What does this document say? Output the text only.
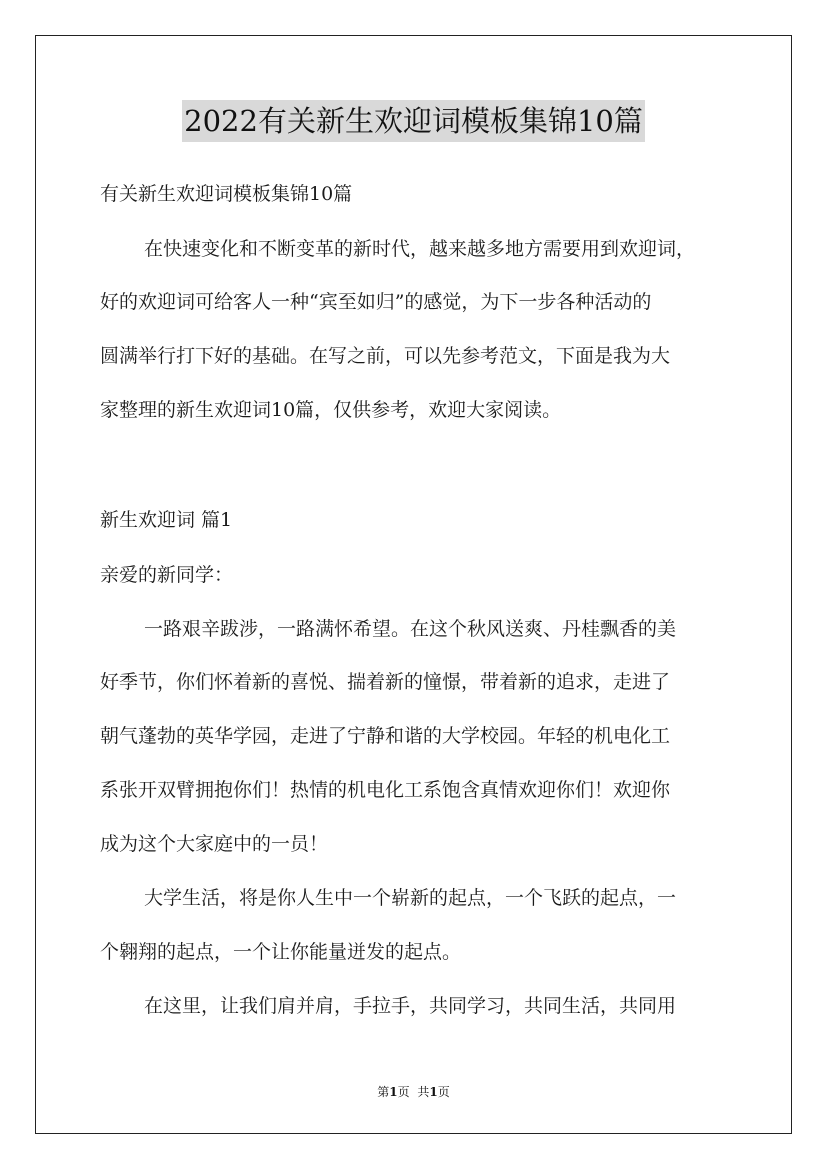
2022有关新生欢迎词模板集锦10篇
有关新生欢迎词模板集锦10篇
在快速变化和不断变革的新时代，越来越多地方需要用到欢迎词，
好的欢迎词可给客人一种“宾至如归”的感觉，为下一步各种活动的
圆满举行打下好的基础。在写之前，可以先参考范文，下面是我为大
家整理的新生欢迎词10篇，仅供参考，欢迎大家阅读。
新生欢迎词 篇1
亲爱的新同学：
一路艰辛跋涉，一路满怀希望。在这个秋风送爽、丹桂飘香的美
好季节，你们怀着新的喜悦、揣着新的憧憬，带着新的追求，走进了
朝气蓬勃的英华学园，走进了宁静和谐的大学校园。年轻的机电化工
系张开双臂拥抱你们！热情的机电化工系饱含真情欢迎你们！欢迎你
成为这个大家庭中的一员！
大学生活，将是你人生中一个崭新的起点，一个飞跃的起点，一
个翱翔的起点，一个让你能量迸发的起点。
在这里，让我们肩并肩，手拉手，共同学习，共同生活，共同用
第1页 共1页
